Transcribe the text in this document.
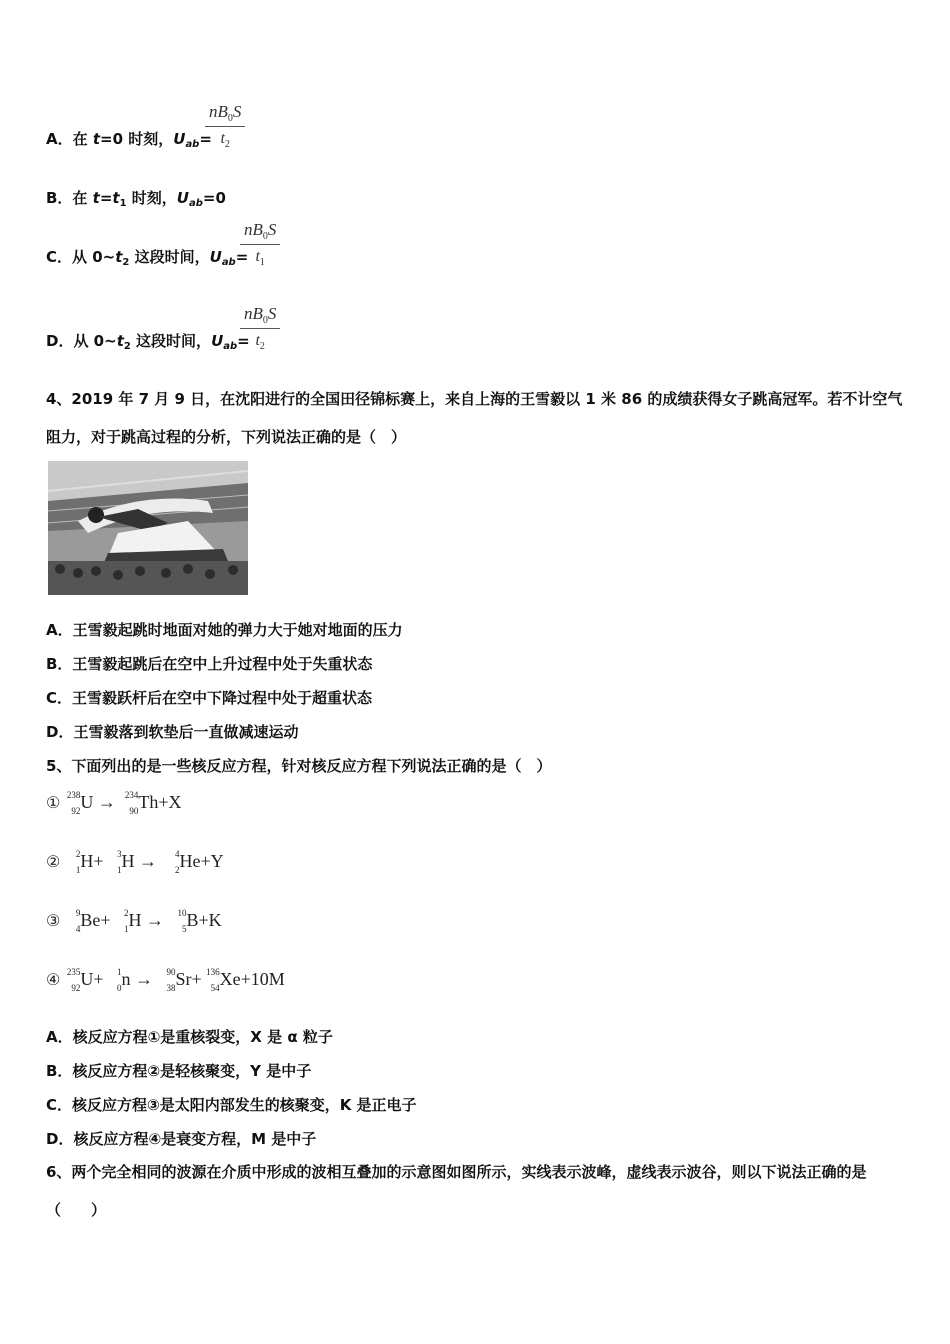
A．在 t=0 时刻，$U_{ab}=$
$nB_0S$
$t_2$
B．在 $t=t_1$ 时刻，$U_{ab}=0$
C．从 $0\sim t_2$ 这段时间，$U_{ab}=$
$nB_0S$
$t_1$
D．从 $0\sim t_2$ 这段时间，$U_{ab}=$
$nB_0S$
$t_2$
4、2019 年 7 月 9 日，在沈阳进行的全国田径锦标赛上，来自上海的王雪毅以 1 米 86 的成绩获得女子跳高冠军。若不计空气阻力，对于跳高过程的分析，下列说法正确的是（　）
A．王雪毅起跳时地面对她的弹力大于她对地面的压力
B．王雪毅起跳后在空中上升过程中处于失重状态
C．王雪毅跃杆后在空中下降过程中处于超重状态
D．王雪毅落到软垫后一直做减速运动
5、下面列出的是一些核反应方程，针对核反应方程下列说法正确的是（　）
① 238
92 U → 234
90 Th+X
② 2
1 H+ 3
1 H → 4
2 He+Y
③ 9
4 Be+ 2
1 H → 10
5 B+K
④ 235
92 U+ 1
0 n → 90
38 Sr+ 136
54 Xe+10M
A．核反应方程①是重核裂变，X 是 α 粒子
B．核反应方程②是轻核聚变，Y 是中子
C．核反应方程③是太阳内部发生的核聚变，K 是正电子
D．核反应方程④是衰变方程，M 是中子
6、两个完全相同的波源在介质中形成的波相互叠加的示意图如图所示，实线表示波峰，虚线表示波谷，则以下说法正确的是（　　）
